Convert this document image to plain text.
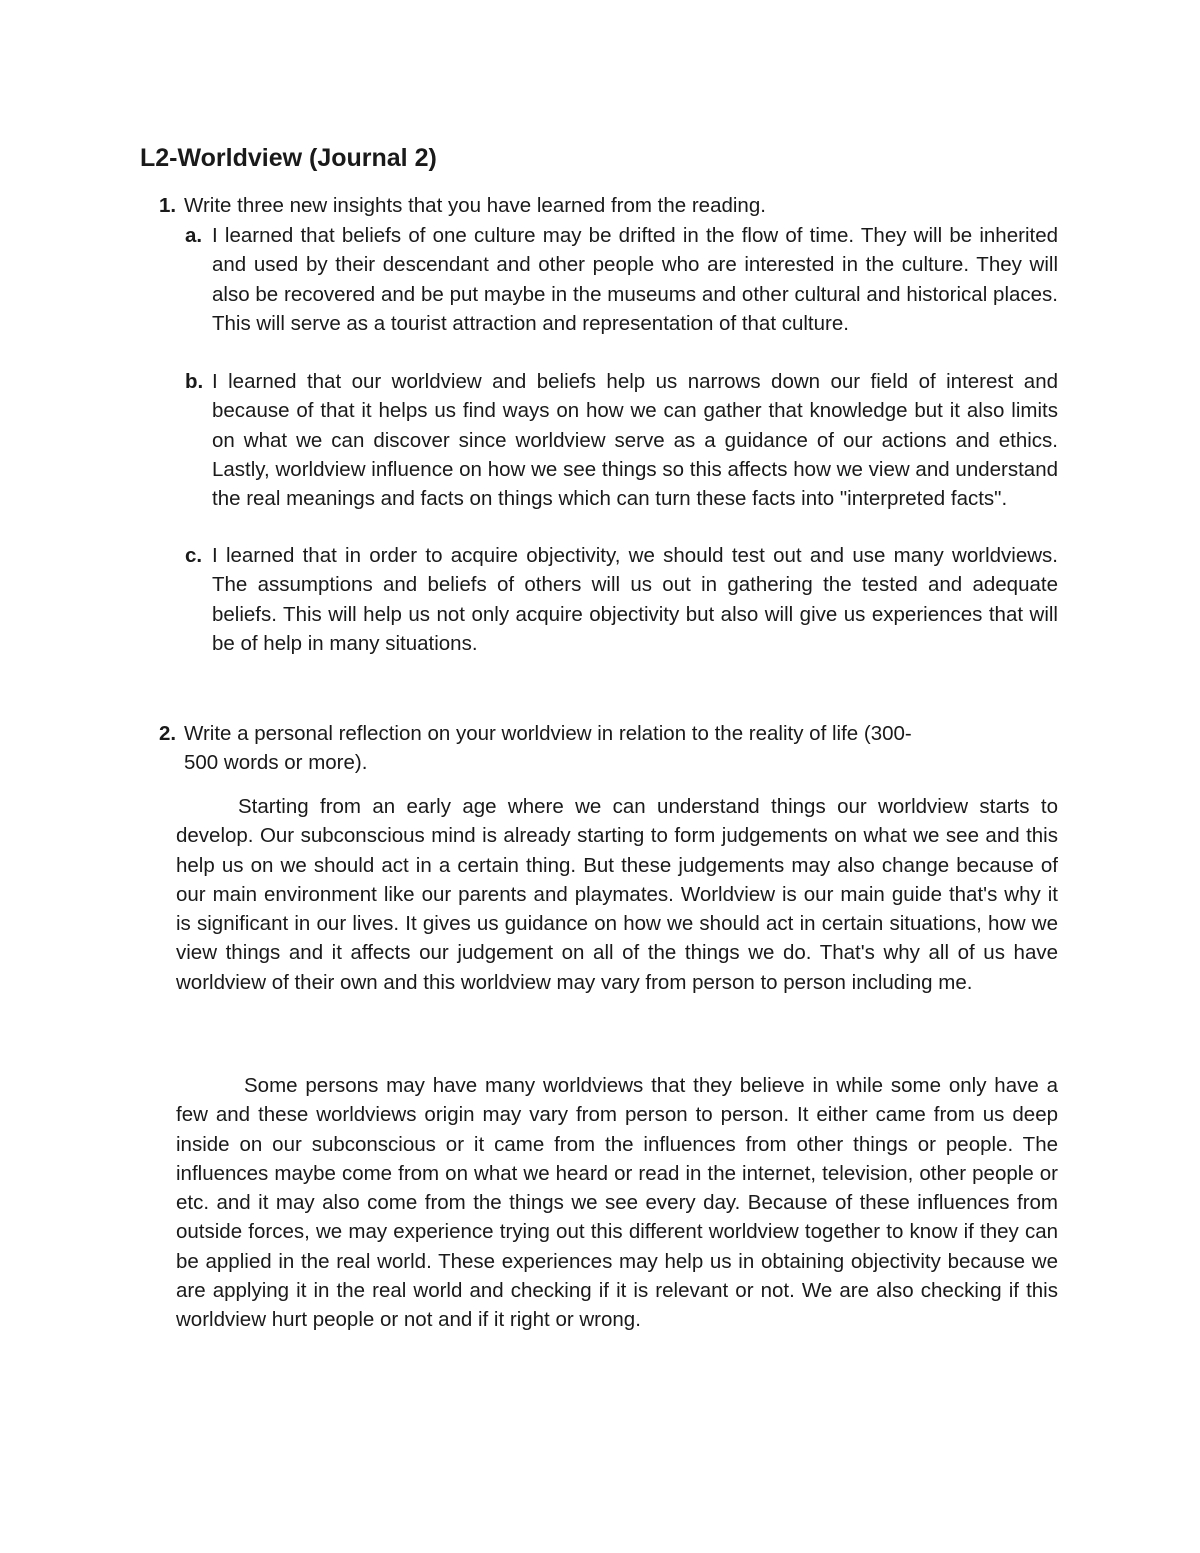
L2-Worldview (Journal 2)
1. Write three new insights that you have learned from the reading.
a. I learned that beliefs of one culture may be drifted in the flow of time. They will be inherited and used by their descendant and other people who are interested in the culture. They will also be recovered and be put maybe in the museums and other cultural and historical places. This will serve as a tourist attraction and representation of that culture.
b. I learned that our worldview and beliefs help us narrows down our field of interest and because of that it helps us find ways on how we can gather that knowledge but it also limits on what we can discover since worldview serve as a guidance of our actions and ethics. Lastly, worldview influence on how we see things so this affects how we view and understand the real meanings and facts on things which can turn these facts into "interpreted facts".
c. I learned that in order to acquire objectivity, we should test out and use many worldviews. The assumptions and beliefs of others will us out in gathering the tested and adequate beliefs. This will help us not only acquire objectivity but also will give us experiences that will be of help in many situations.
2. Write a personal reflection on your worldview in relation to the reality of life (300-
500 words or more).

Starting from an early age where we can understand things our worldview starts to develop. Our subconscious mind is already starting to form judgements on what we see and this help us on we should act in a certain thing. But these judgements may also change because of our main environment like our parents and playmates. Worldview is our main guide that's why it is significant in our lives. It gives us guidance on how we should act in certain situations, how we view things and it affects our judgement on all of the things we do. That's why all of us have worldview of their own and this worldview may vary from person to person including me.

Some persons may have many worldviews that they believe in while some only have a few and these worldviews origin may vary from person to person. It either came from us deep inside on our subconscious or it came from the influences from other things or people. The influences maybe come from on what we heard or read in the internet, television, other people or etc. and it may also come from the things we see every day. Because of these influences from outside forces, we may experience trying out this different worldview together to know if they can be applied in the real world. These experiences may help us in obtaining objectivity because we are applying it in the real world and checking if it is relevant or not. We are also checking if this worldview hurt people or not and if it right or wrong.
